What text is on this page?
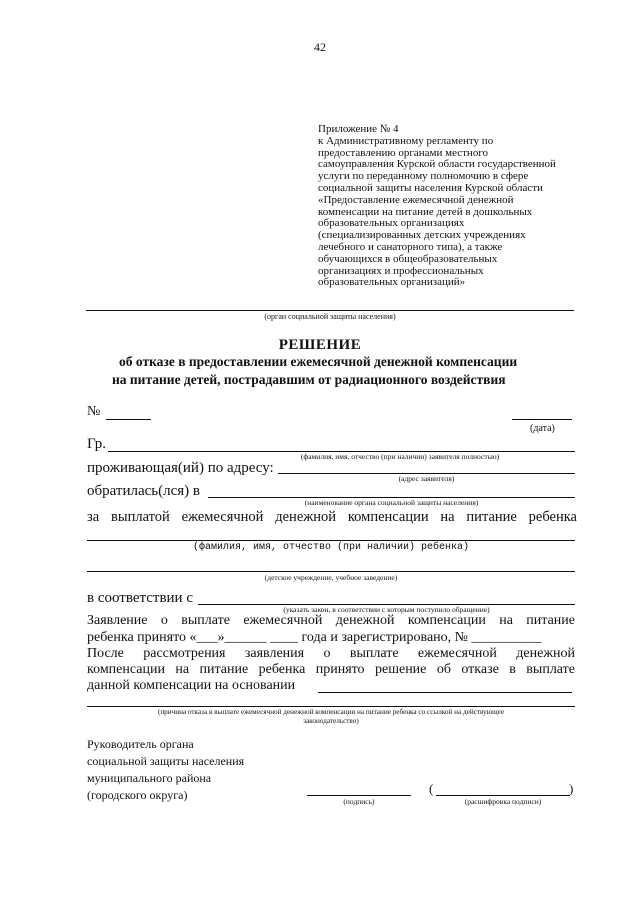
42
Приложение № 4
к Административному регламенту по
предоставлению органами местного
самоуправления Курской области государственной
услуги по переданному полномочию в сфере
социальной защиты населения Курской области
«Предоставление ежемесячной денежной
компенсации на питание детей в дошкольных
образовательных организациях
(специализированных детских учреждениях
лечебного и санаторного типа), а также
обучающихся в общеобразовательных
организациях и профессиональных
образовательных организаций»
(орган социальной защиты населения)
РЕШЕНИЕ
об отказе в предоставлении ежемесячной денежной компенсации
на питание детей, пострадавшим от радиационного воздействия
№
(дата)
Гр.
(фамилия, имя, отчество (при наличии) заявителя полностью)
проживающая(ий) по адресу:
(адрес заявителя)
обратилась(лся) в
(наименование органа социальной защиты населения)
за выплатой ежемесячной денежной компенсации на питание ребенка
(фамилия, имя, отчество (при наличии) ребенка)
(детское учреждение, учебное заведение)
в соответствии с
(указать закон, в соответствии с которым поступило обращение)
Заявление о выплате ежемесячной денежной компенсации на питание
ребенка принято «___»______ ____ года и зарегистрировано, № __________
После рассмотрения заявления о выплате ежемесячной денежной
компенсации на питание ребенка принято решение об отказе в выплате
данной компенсации на основании
(причина отказа в выплате ежемесячной денежной компенсации на питание ребенка со ссылкой на действующее
законодательство)
Руководитель органа
социальной защиты населения
муниципального района
(городского округа)	(подпись)
(	)
(расшифровка подписи)
